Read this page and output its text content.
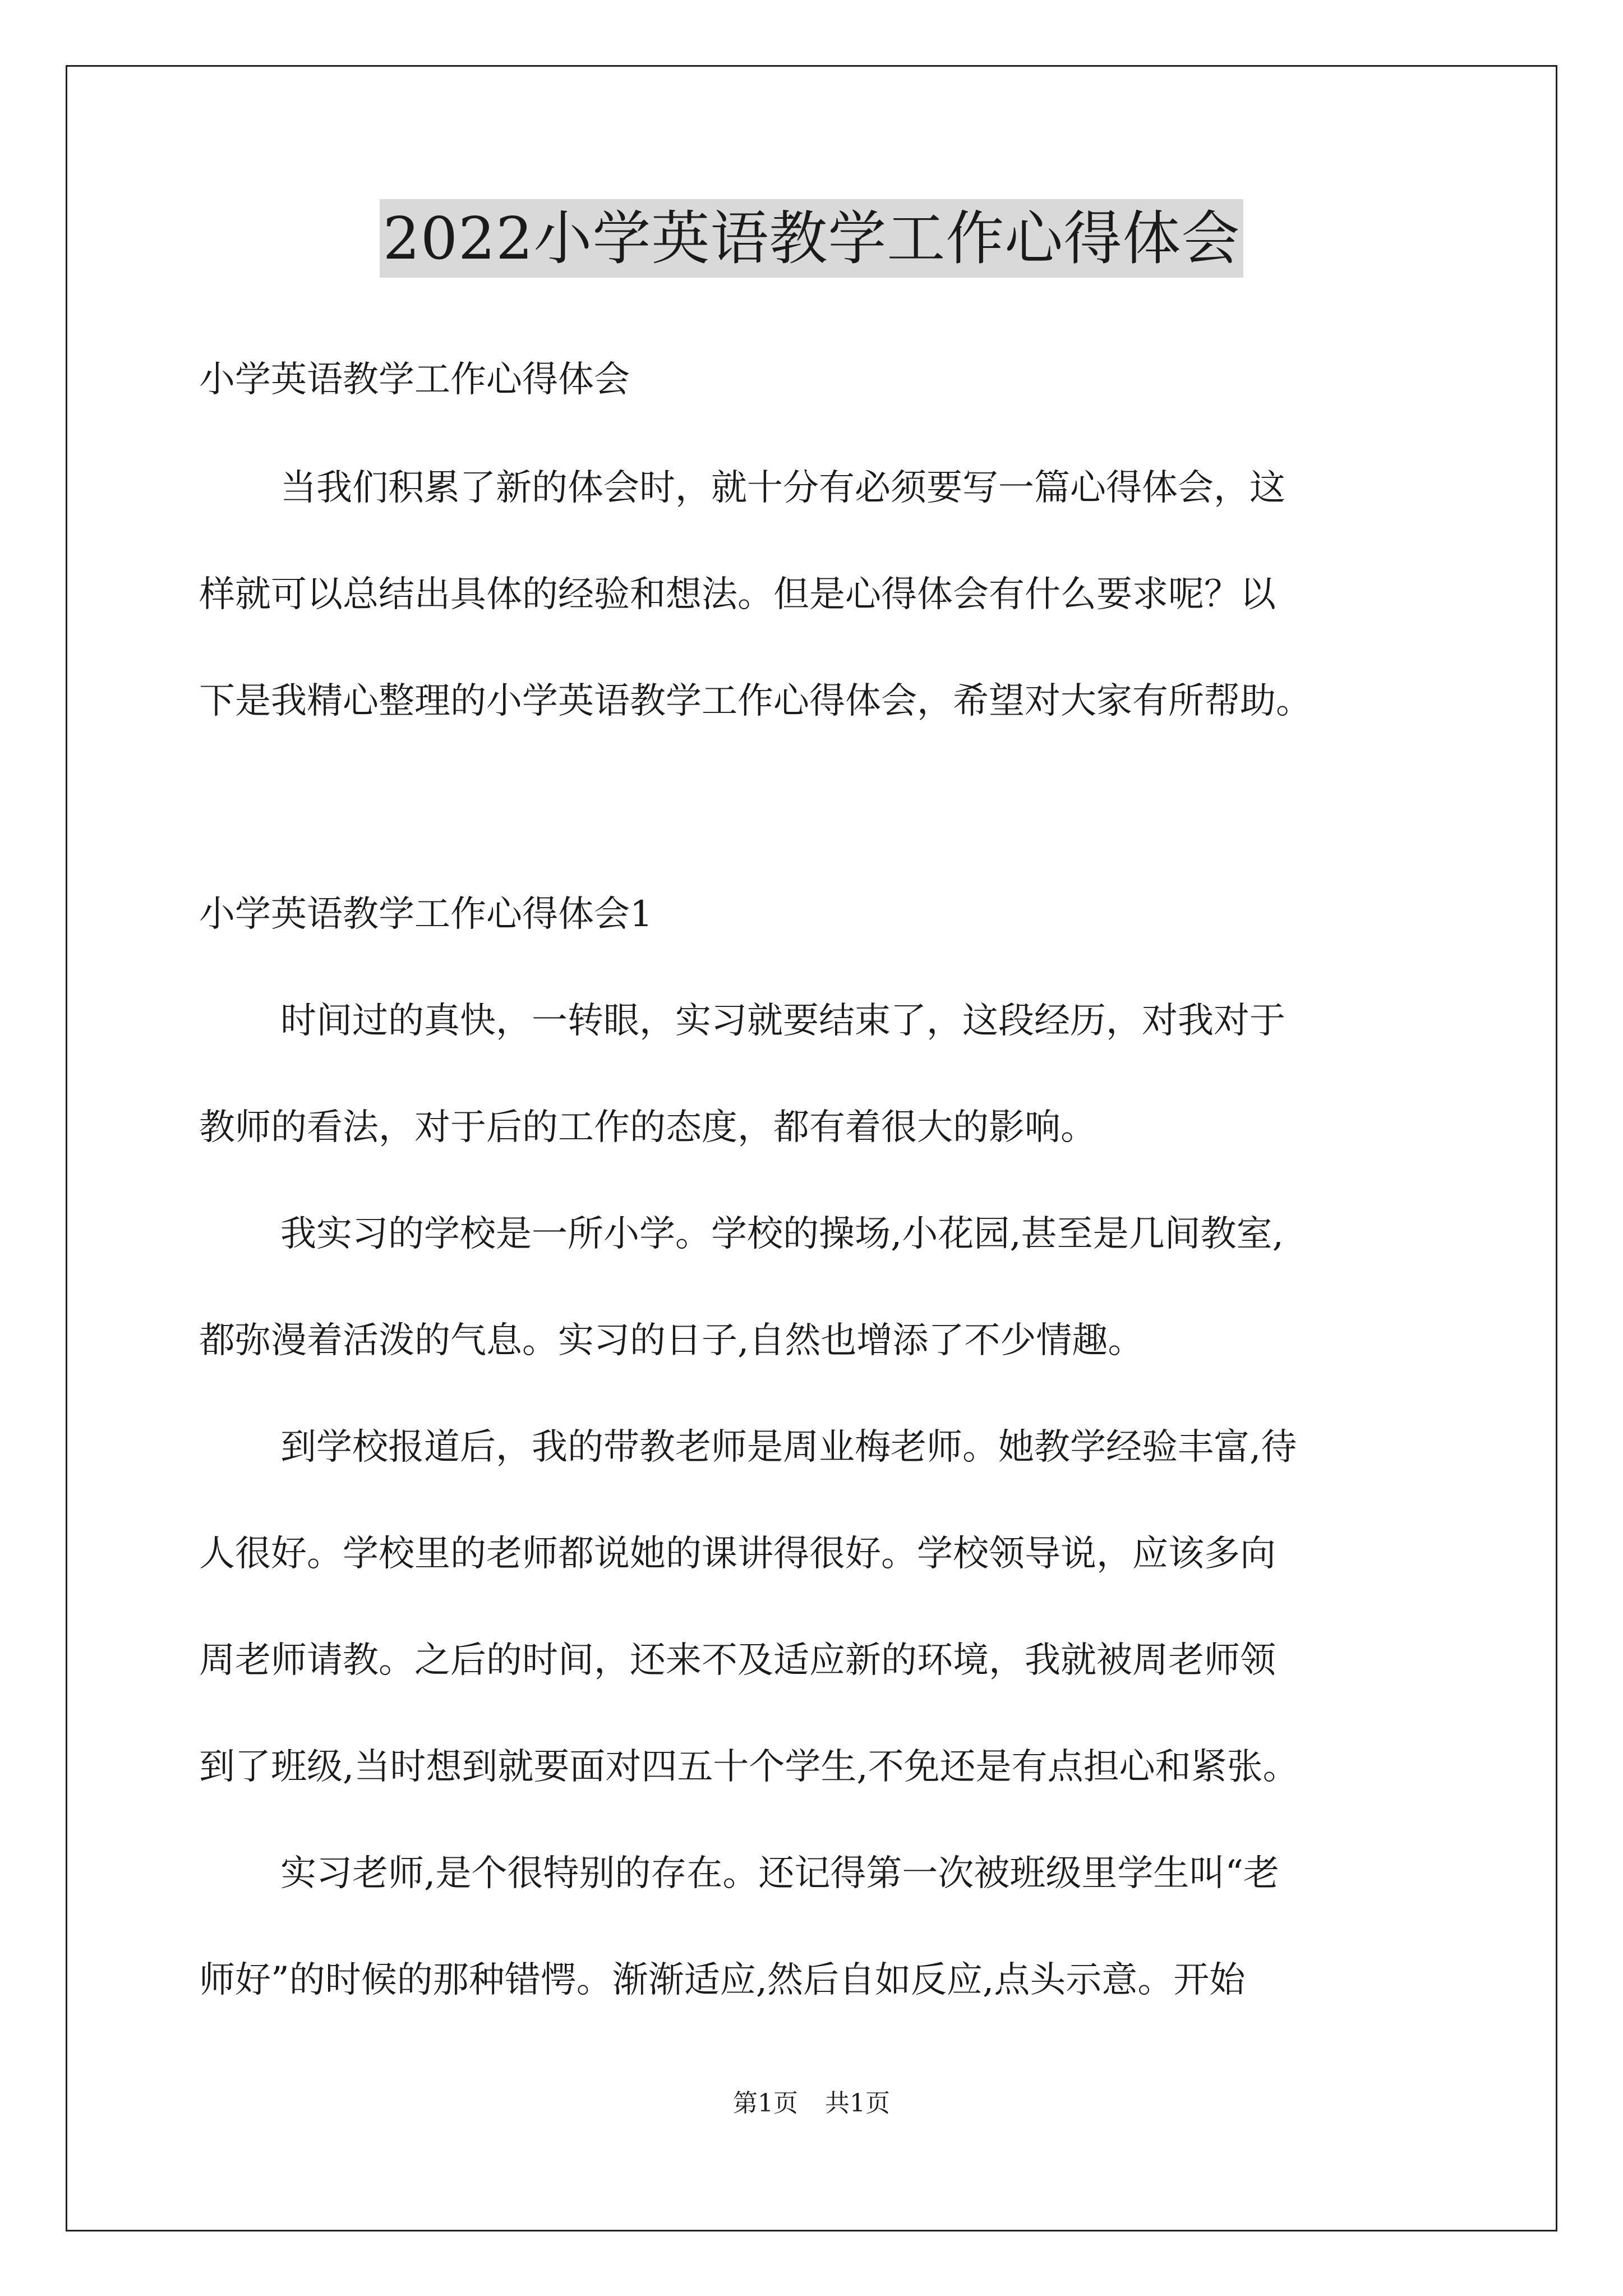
2022小学英语教学工作心得体会
小学英语教学工作心得体会
当我们积累了新的体会时，就十分有必须要写一篇心得体会，这
样就可以总结出具体的经验和想法。但是心得体会有什么要求呢？以
下是我精心整理的小学英语教学工作心得体会，希望对大家有所帮助。
小学英语教学工作心得体会1
时间过的真快，一转眼，实习就要结束了，这段经历，对我对于
教师的看法，对于后的工作的态度，都有着很大的影响。
我实习的学校是一所小学。学校的操场,小花园,甚至是几间教室,
都弥漫着活泼的气息。实习的日子,自然也增添了不少情趣。
到学校报道后，我的带教老师是周业梅老师。她教学经验丰富,待
人很好。学校里的老师都说她的课讲得很好。学校领导说，应该多向
周老师请教。之后的时间，还来不及适应新的环境，我就被周老师领
到了班级,当时想到就要面对四五十个学生,不免还是有点担心和紧张。
实习老师,是个很特别的存在。还记得第一次被班级里学生叫“老
师好”的时候的那种错愕。渐渐适应,然后自如反应,点头示意。开始
第1页 共1页
